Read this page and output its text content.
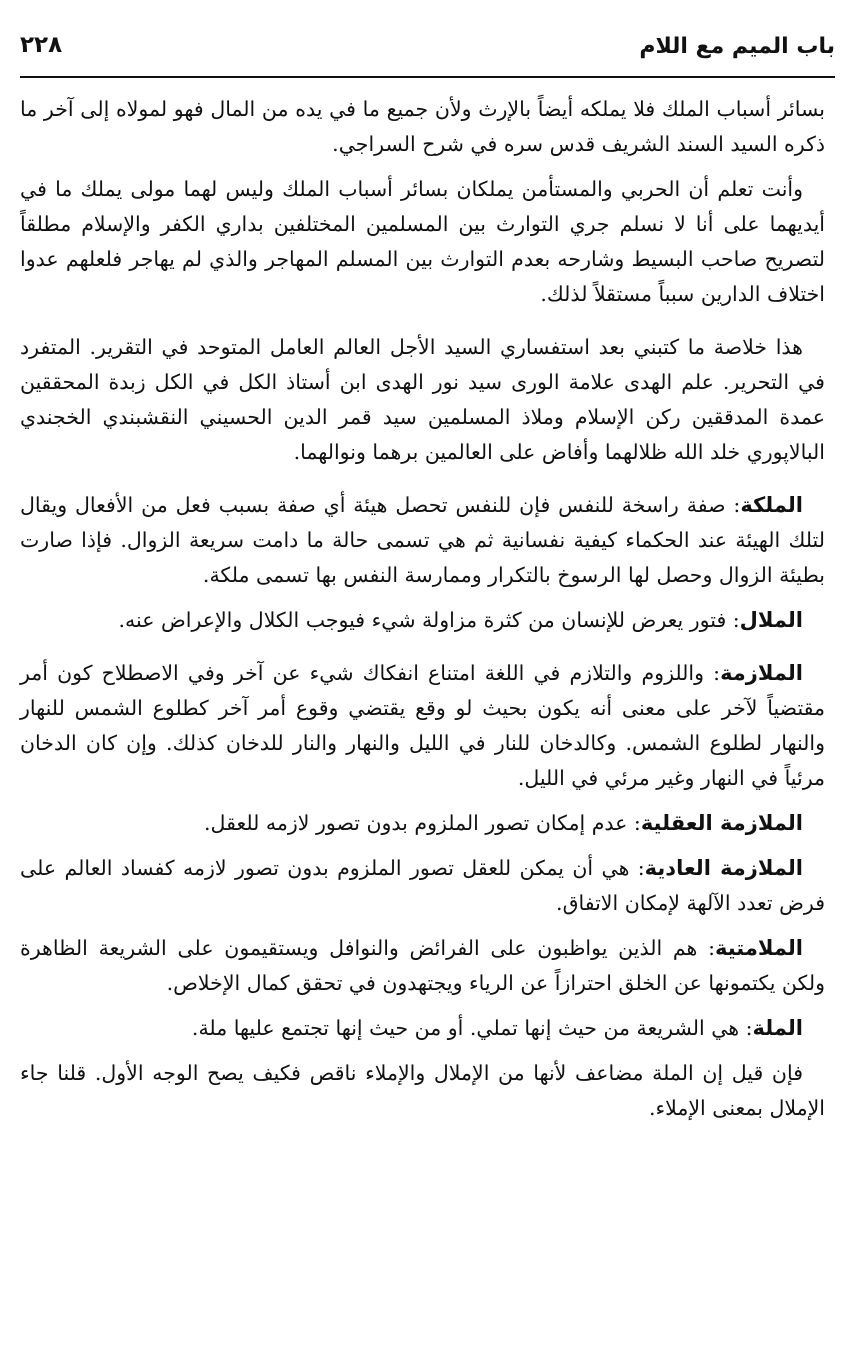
باب الميم مع اللام
٢٢٨

بسائر أسباب الملك فلا يملكه أيضاً بالإرث ولأن جميع ما في يده من المال فهو لمولاه إلى آخر ما ذكره السيد السند الشريف قدس سره في شرح السراجي.

وأنت تعلم أن الحربي والمستأمن يملكان بسائر أسباب الملك وليس لهما مولى يملك ما في أيديهما على أنا لا نسلم جري التوارث بين المسلمين المختلفين بداري الكفر والإسلام مطلقاً لتصريح صاحب البسيط وشارحه بعدم التوارث بين المسلم المهاجر والذي لم يهاجر فلعلهم عدوا اختلاف الدارين سبباً مستقلاً لذلك.

هذا خلاصة ما كتبني بعد استفساري السيد الأجل العالم العامل المتوحد في التقرير. المتفرد في التحرير. علم الهدى علامة الورى سيد نور الهدى ابن أستاذ الكل في الكل زبدة المحققين عمدة المدققين ركن الإسلام وملاذ المسلمين سيد قمر الدين الحسيني النقشبندي الخجندي البالاپوري خلد الله ظلالهما وأفاض على العالمين برهما ونوالهما.

الملكة: صفة راسخة للنفس فإن للنفس تحصل هيئة أي صفة بسبب فعل من الأفعال ويقال لتلك الهيئة عند الحكماء كيفية نفسانية ثم هي تسمى حالة ما دامت سريعة الزوال. فإذا صارت بطيئة الزوال وحصل لها الرسوخ بالتكرار وممارسة النفس بها تسمى ملكة.

الملال: فتور يعرض للإنسان من كثرة مزاولة شيء فيوجب الكلال والإعراض عنه.

الملازمة: واللزوم والتلازم في اللغة امتناع انفكاك شيء عن آخر وفي الاصطلاح كون أمر مقتضياً لآخر على معنى أنه يكون بحيث لو وقع يقتضي وقوع أمر آخر كطلوع الشمس للنهار والنهار لطلوع الشمس. وكالدخان للنار في الليل والنهار والنار للدخان كذلك. وإن كان الدخان مرئياً في النهار وغير مرئي في الليل.

الملازمة العقلية: عدم إمكان تصور الملزوم بدون تصور لازمه للعقل.

الملازمة العادية: هي أن يمكن للعقل تصور الملزوم بدون تصور لازمه كفساد العالم على فرض تعدد الآلهة لإمكان الاتفاق.

الملامتية: هم الذين يواظبون على الفرائض والنوافل ويستقيمون على الشريعة الظاهرة ولكن يكتمونها عن الخلق احترازاً عن الرياء ويجتهدون في تحقق كمال الإخلاص.

الملة: هي الشريعة من حيث إنها تملي. أو من حيث إنها تجتمع عليها ملة.

فإن قيل إن الملة مضاعف لأنها من الإملال والإملاء ناقص فكيف يصح الوجه الأول. قلنا جاء الإملال بمعنى الإملاء.
